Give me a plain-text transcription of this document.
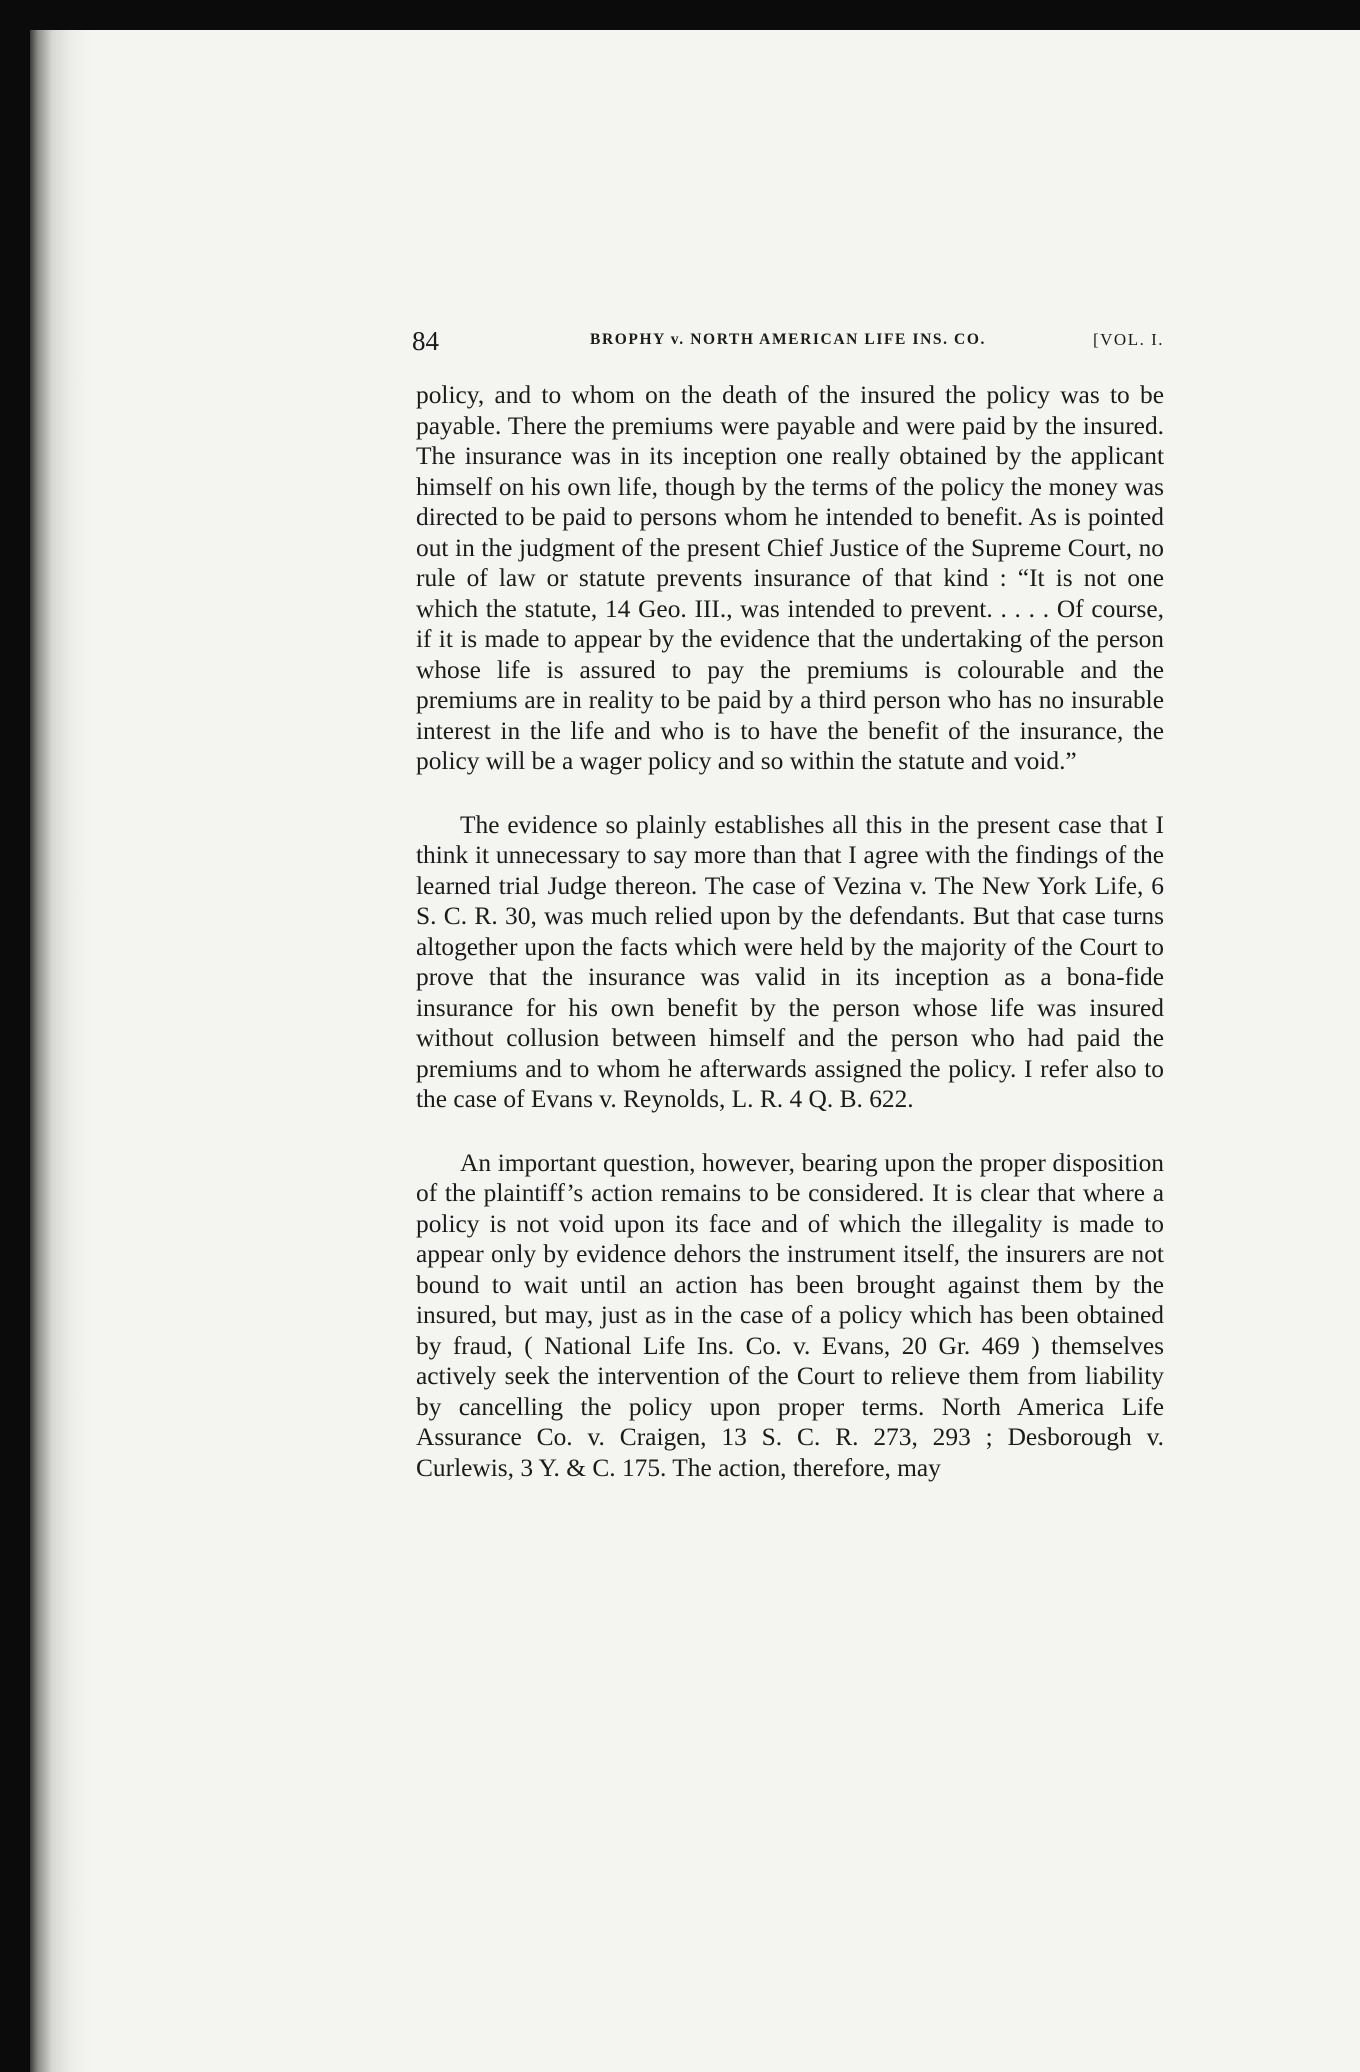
84	BROPHY v. NORTH AMERICAN LIFE INS. CO.	[VOL. I.

policy, and to whom on the death of the insured the policy was to be payable. There the premiums were payable and were paid by the insured. The insurance was in its inception one really obtained by the applicant himself on his own life, though by the terms of the policy the money was directed to be paid to persons whom he intended to benefit. As is pointed out in the judgment of the present Chief Justice of the Supreme Court, no rule of law or statute prevents insurance of that kind : “It is not one which the statute, 14 Geo. III., was intended to prevent. . . . . Of course, if it is made to appear by the evidence that the undertaking of the person whose life is assured to pay the premiums is colourable and the premiums are in reality to be paid by a third person who has no insurable interest in the life and who is to have the benefit of the insurance, the policy will be a wager policy and so within the statute and void.”

The evidence so plainly establishes all this in the present case that I think it unnecessary to say more than that I agree with the findings of the learned trial Judge thereon. The case of Vezina v. The New York Life, 6 S. C. R. 30, was much relied upon by the defendants. But that case turns altogether upon the facts which were held by the majority of the Court to prove that the insurance was valid in its inception as a bona-fide insurance for his own benefit by the person whose life was insured without collusion between himself and the person who had paid the premiums and to whom he afterwards assigned the policy. I refer also to the case of Evans v. Reynolds, L. R. 4 Q. B. 622.

An important question, however, bearing upon the proper disposition of the plaintiff’s action remains to be considered. It is clear that where a policy is not void upon its face and of which the illegality is made to appear only by evidence dehors the instrument itself, the insurers are not bound to wait until an action has been brought against them by the insured, but may, just as in the case of a policy which has been obtained by fraud, ( National Life Ins. Co. v. Evans, 20 Gr. 469 ) themselves actively seek the intervention of the Court to relieve them from liability by cancelling the policy upon proper terms. North America Life Assurance Co. v. Craigen, 13 S. C. R. 273, 293 ; Desborough v. Curlewis, 3 Y. & C. 175. The action, therefore, may
